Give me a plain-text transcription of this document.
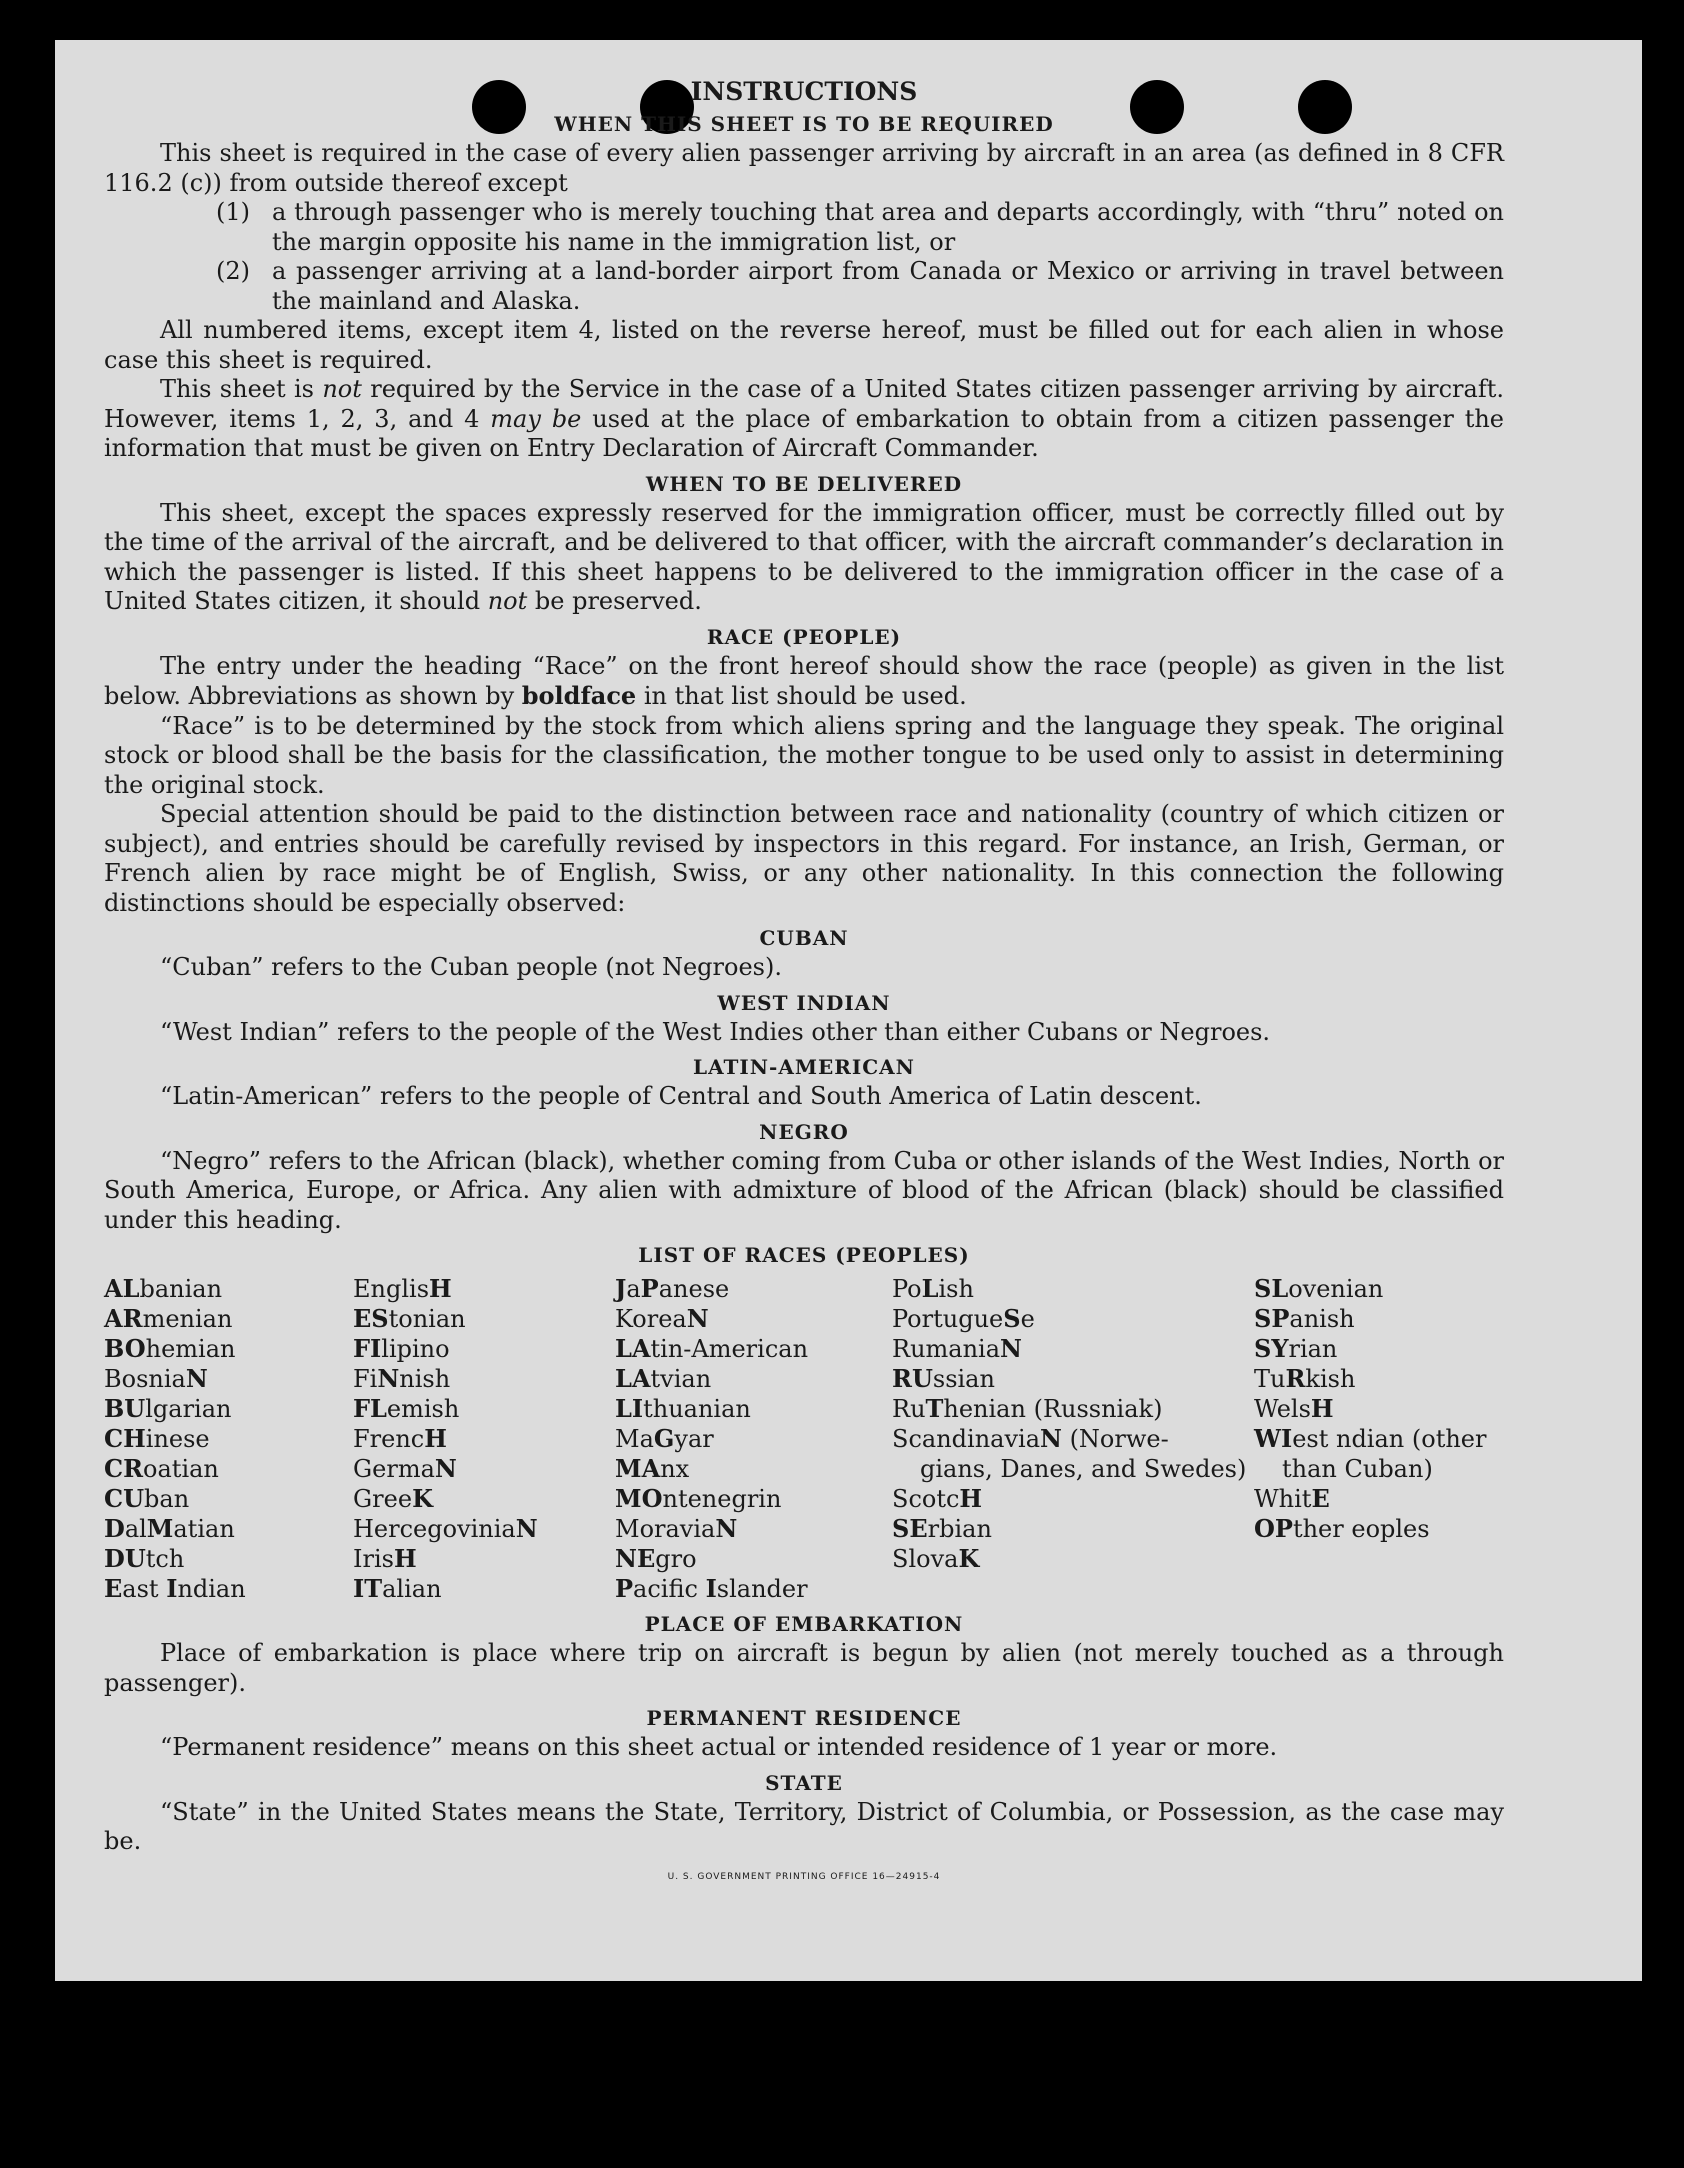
INSTRUCTIONS
WHEN THIS SHEET IS TO BE REQUIRED

This sheet is required in the case of every alien passenger arriving by aircraft in an area (as defined in 8 CFR 116.2 (c)) from outside thereof except

(1) a through passenger who is merely touching that area and departs accordingly, with “thru” noted on the margin opposite his name in the immigration list, or
(2) a passenger arriving at a land-border airport from Canada or Mexico or arriving in travel between the mainland and Alaska.

All numbered items, except item 4, listed on the reverse hereof, must be filled out for each alien in whose case this sheet is required.

This sheet is not required by the Service in the case of a United States citizen passenger arriving by aircraft. However, items 1, 2, 3, and 4 may be used at the place of embarkation to obtain from a citizen passenger the information that must be given on Entry Declaration of Aircraft Commander.

WHEN TO BE DELIVERED

This sheet, except the spaces expressly reserved for the immigration officer, must be correctly filled out by the time of the arrival of the aircraft, and be delivered to that officer, with the aircraft commander’s declaration in which the passenger is listed. If this sheet happens to be delivered to the immigration officer in the case of a United States citizen, it should not be preserved.

RACE (PEOPLE)

The entry under the heading “Race” on the front hereof should show the race (people) as given in the list below. Abbreviations as shown by boldface in that list should be used.

“Race” is to be determined by the stock from which aliens spring and the language they speak. The original stock or blood shall be the basis for the classification, the mother tongue to be used only to assist in determining the original stock.

Special attention should be paid to the distinction between race and nationality (country of which citizen or subject), and entries should be carefully revised by inspectors in this regard. For instance, an Irish, German, or French alien by race might be of English, Swiss, or any other nationality. In this connection the following distinctions should be especially observed:

CUBAN

“Cuban” refers to the Cuban people (not Negroes).

WEST INDIAN

“West Indian” refers to the people of the West Indies other than either Cubans or Negroes.

LATIN-AMERICAN

“Latin-American” refers to the people of Central and South America of Latin descent.

NEGRO

“Negro” refers to the African (black), whether coming from Cuba or other islands of the West Indies, North or South America, Europe, or Africa. Any alien with admixture of blood of the African (black) should be classified under this heading.

LIST OF RACES (PEOPLES)
ALbanian
ARmenian
BOhemian
BosniaN
BUlgarian
CHinese
CRoatian
CUban
DalMatian
DUtch
East Indian
EnglisH
EStonian
FIlipino
FiNnish
FLemish
FrencH
GermaN
GreeK
HercegoviniaN
IrisH
ITalian
JaPanese
KoreaN
LAtin-American
LAtvian
LIthuanian
MaGyar
MAnx
MOntenegrin
MoraviaN
NEgro
Pacific Islander
PoLish
PortugueSe
RumaniaN
RUssian
RuThenian (Russniak)
ScandinaviaN (Norwe-
gians, Danes, and Swedes)
ScotcH
SErbian
SlovaK
SLovenian
SPanish
SYrian
TuRkish
WelsH
WIest ndian (other
than Cuban)
WhitE
OPther eoples
PLACE OF EMBARKATION

Place of embarkation is place where trip on aircraft is begun by alien (not merely touched as a through passenger).

PERMANENT RESIDENCE

“Permanent residence” means on this sheet actual or intended residence of 1 year or more.

STATE

“State” in the United States means the State, Territory, District of Columbia, or Possession, as the case may be.

U. S. GOVERNMENT PRINTING OFFICE 16—24915-4
